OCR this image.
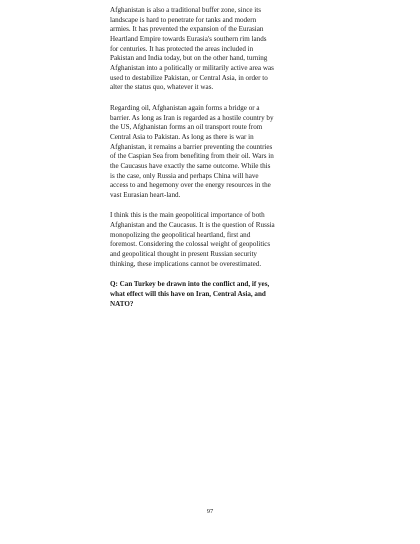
Afghanistan is also a traditional buffer zone, since its
landscape is hard to penetrate for tanks and modern
armies. It has prevented the expansion of the Eurasian
Heartland Empire towards Eurasia's southern rim lands
for centuries. It has protected the areas included in
Pakistan and India today, but on the other hand, turning
Afghanistan into a politically or militarily active area was
used to destabilize Pakistan, or Central Asia, in order to
alter the status quo, whatever it was.

Regarding oil, Afghanistan again forms a bridge or a
barrier. As long as Iran is regarded as a hostile country by
the US, Afghanistan forms an oil transport route from
Central Asia to Pakistan. As long as there is war in
Afghanistan, it remains a barrier preventing the countries
of the Caspian Sea from benefiting from their oil. Wars in
the Caucasus have exactly the same outcome. While this
is the case, only Russia and perhaps China will have
access to and hegemony over the energy resources in the
vast Eurasian heart-land.

I think this is the main geopolitical importance of both
Afghanistan and the Caucasus. It is the question of Russia
monopolizing the geopolitical heartland, first and
foremost. Considering the colossal weight of geopolitics
and geopolitical thought in present Russian security
thinking, these implications cannot be overestimated.

Q: Can Turkey be drawn into the conflict and, if yes,
what effect will this have on Iran, Central Asia, and
NATO?

97
